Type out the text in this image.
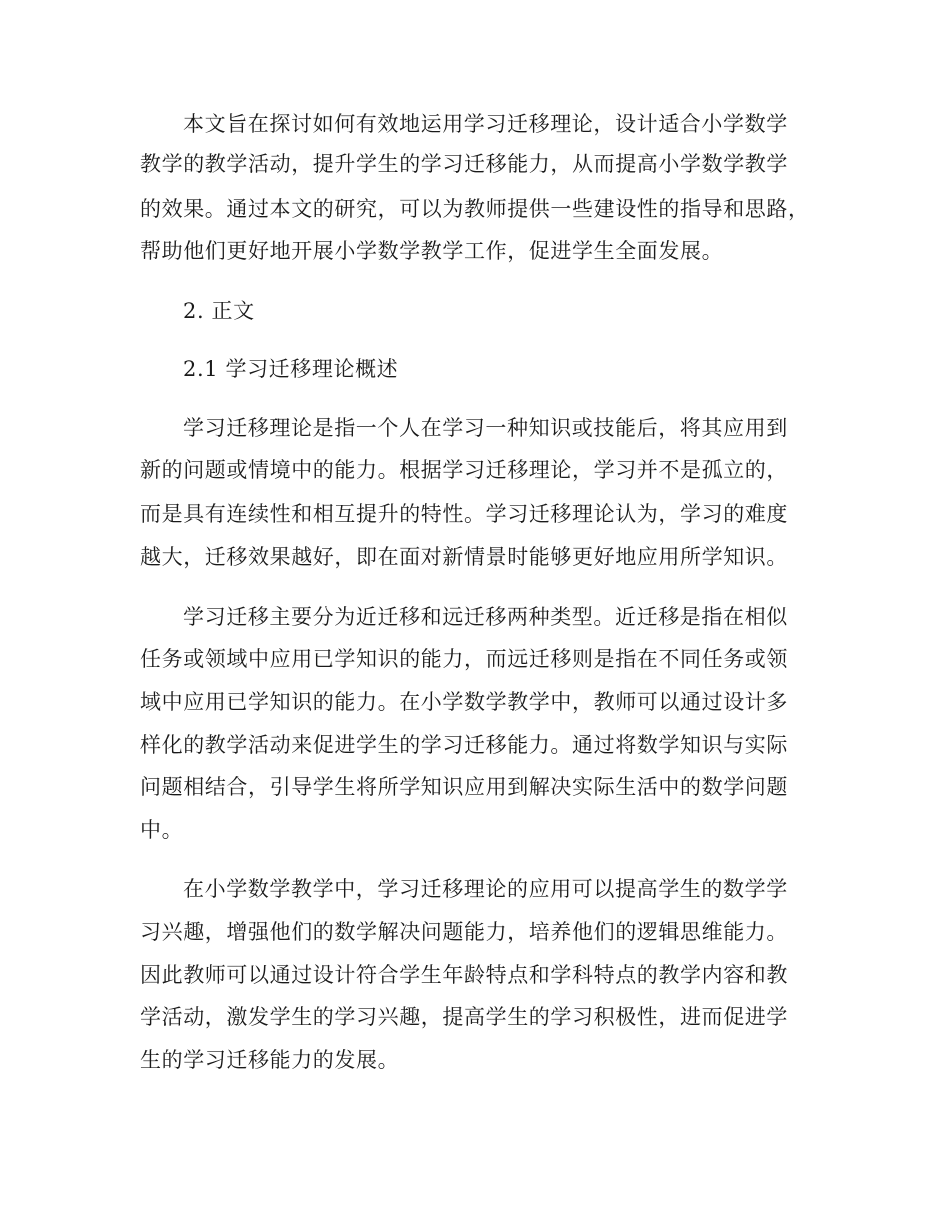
本文旨在探讨如何有效地运用学习迁移理论，设计适合小学数学
教学的教学活动，提升学生的学习迁移能力，从而提高小学数学教学
的效果。通过本文的研究，可以为教师提供一些建设性的指导和思路，
帮助他们更好地开展小学数学教学工作，促进学生全面发展。
2. 正文
2.1 学习迁移理论概述
学习迁移理论是指一个人在学习一种知识或技能后，将其应用到
新的问题或情境中的能力。根据学习迁移理论，学习并不是孤立的，
而是具有连续性和相互提升的特性。学习迁移理论认为，学习的难度
越大，迁移效果越好，即在面对新情景时能够更好地应用所学知识。
学习迁移主要分为近迁移和远迁移两种类型。近迁移是指在相似
任务或领域中应用已学知识的能力，而远迁移则是指在不同任务或领
域中应用已学知识的能力。在小学数学教学中，教师可以通过设计多
样化的教学活动来促进学生的学习迁移能力。通过将数学知识与实际
问题相结合，引导学生将所学知识应用到解决实际生活中的数学问题
中。
在小学数学教学中，学习迁移理论的应用可以提高学生的数学学
习兴趣，增强他们的数学解决问题能力，培养他们的逻辑思维能力。
因此教师可以通过设计符合学生年龄特点和学科特点的教学内容和教
学活动，激发学生的学习兴趣，提高学生的学习积极性，进而促进学
生的学习迁移能力的发展。
